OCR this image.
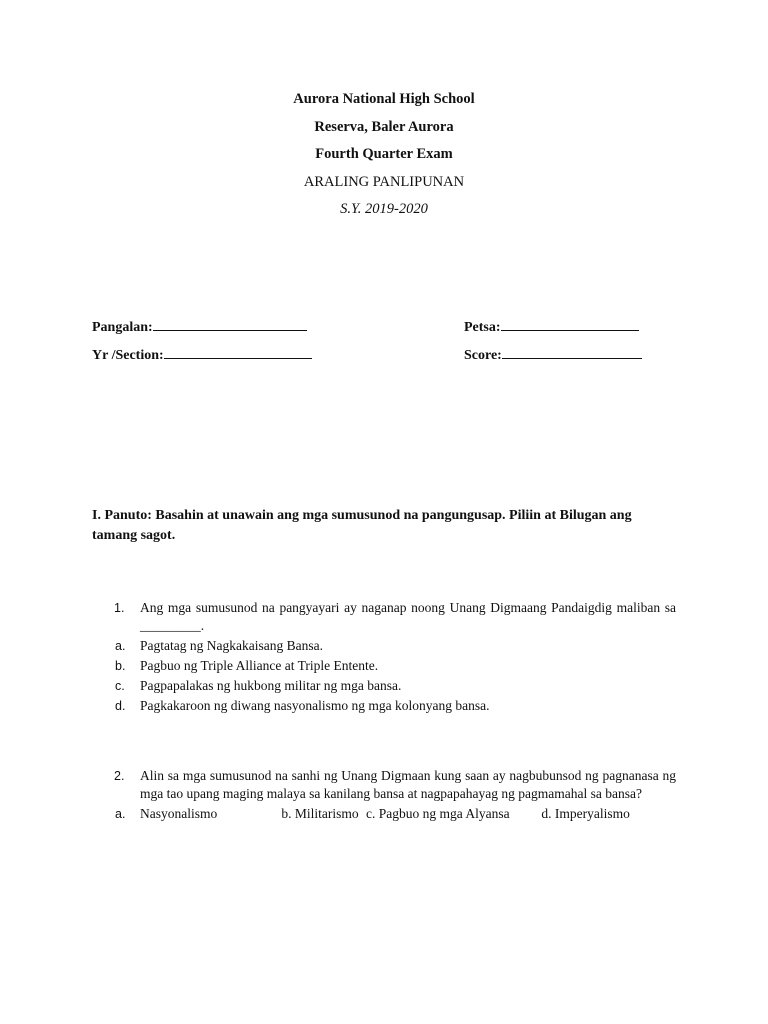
Aurora National High School
Reserva, Baler Aurora
Fourth Quarter Exam
ARALING PANLIPUNAN
S.Y. 2019-2020
Pangalan:	Petsa:
Yr /Section:	Score:
I. Panuto: Basahin at unawain ang mga sumusunod na pangungusap. Piliin at Bilugan ang tamang sagot.
1. Ang mga sumusunod na pangyayari ay naganap noong Unang Digmaang Pandaigdig maliban sa _________.
a. Pagtatag ng Nagkakaisang Bansa.
b. Pagbuo ng Triple Alliance at Triple Entente.
c. Pagpapalakas ng hukbong militar ng mga bansa.
d. Pagkakaroon ng diwang nasyonalismo ng mga kolonyang bansa.
2. Alin sa mga sumusunod na sanhi ng Unang Digmaan kung saan ay nagbubunsod ng pagnanasa ng mga tao upang maging malaya sa kanilang bansa at nagpapahayag ng pagmamahal sa bansa?
a. Nasyonalismo	b. Militarismo c. Pagbuo ng mga Alyansa d. Imperyalismo
